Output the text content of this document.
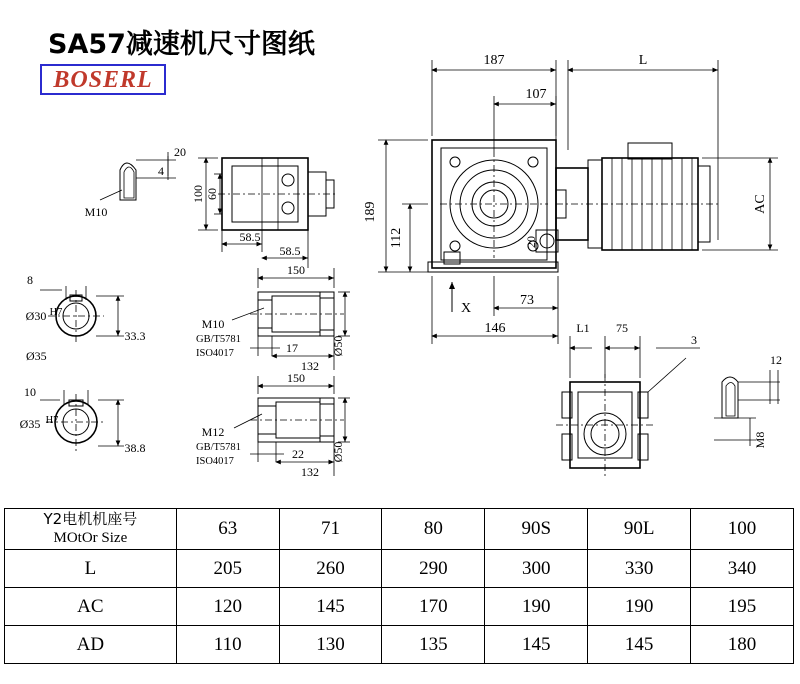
SA57减速机尺寸图纸
BOSERL
187	L
107
189
112
AC
146
73
X
20
20
4
M10
100 60
58.5
58.5
8
Ø30 H7
33.3
Ø35
10
Ø35 H7
38.8
150
17
132
Ø50
M10
GB/T5781
ISO4017
150
22
132
Ø50
M12
GB/T5781
ISO4017
L1 75
3
12
M8
Y2电机机座号
MOtOr Size	63	71	80	90S	90L	100
L	205	260	290	300	330	340
AC	120	145	170	190	190	195
AD	110	130	135	145	145	180
